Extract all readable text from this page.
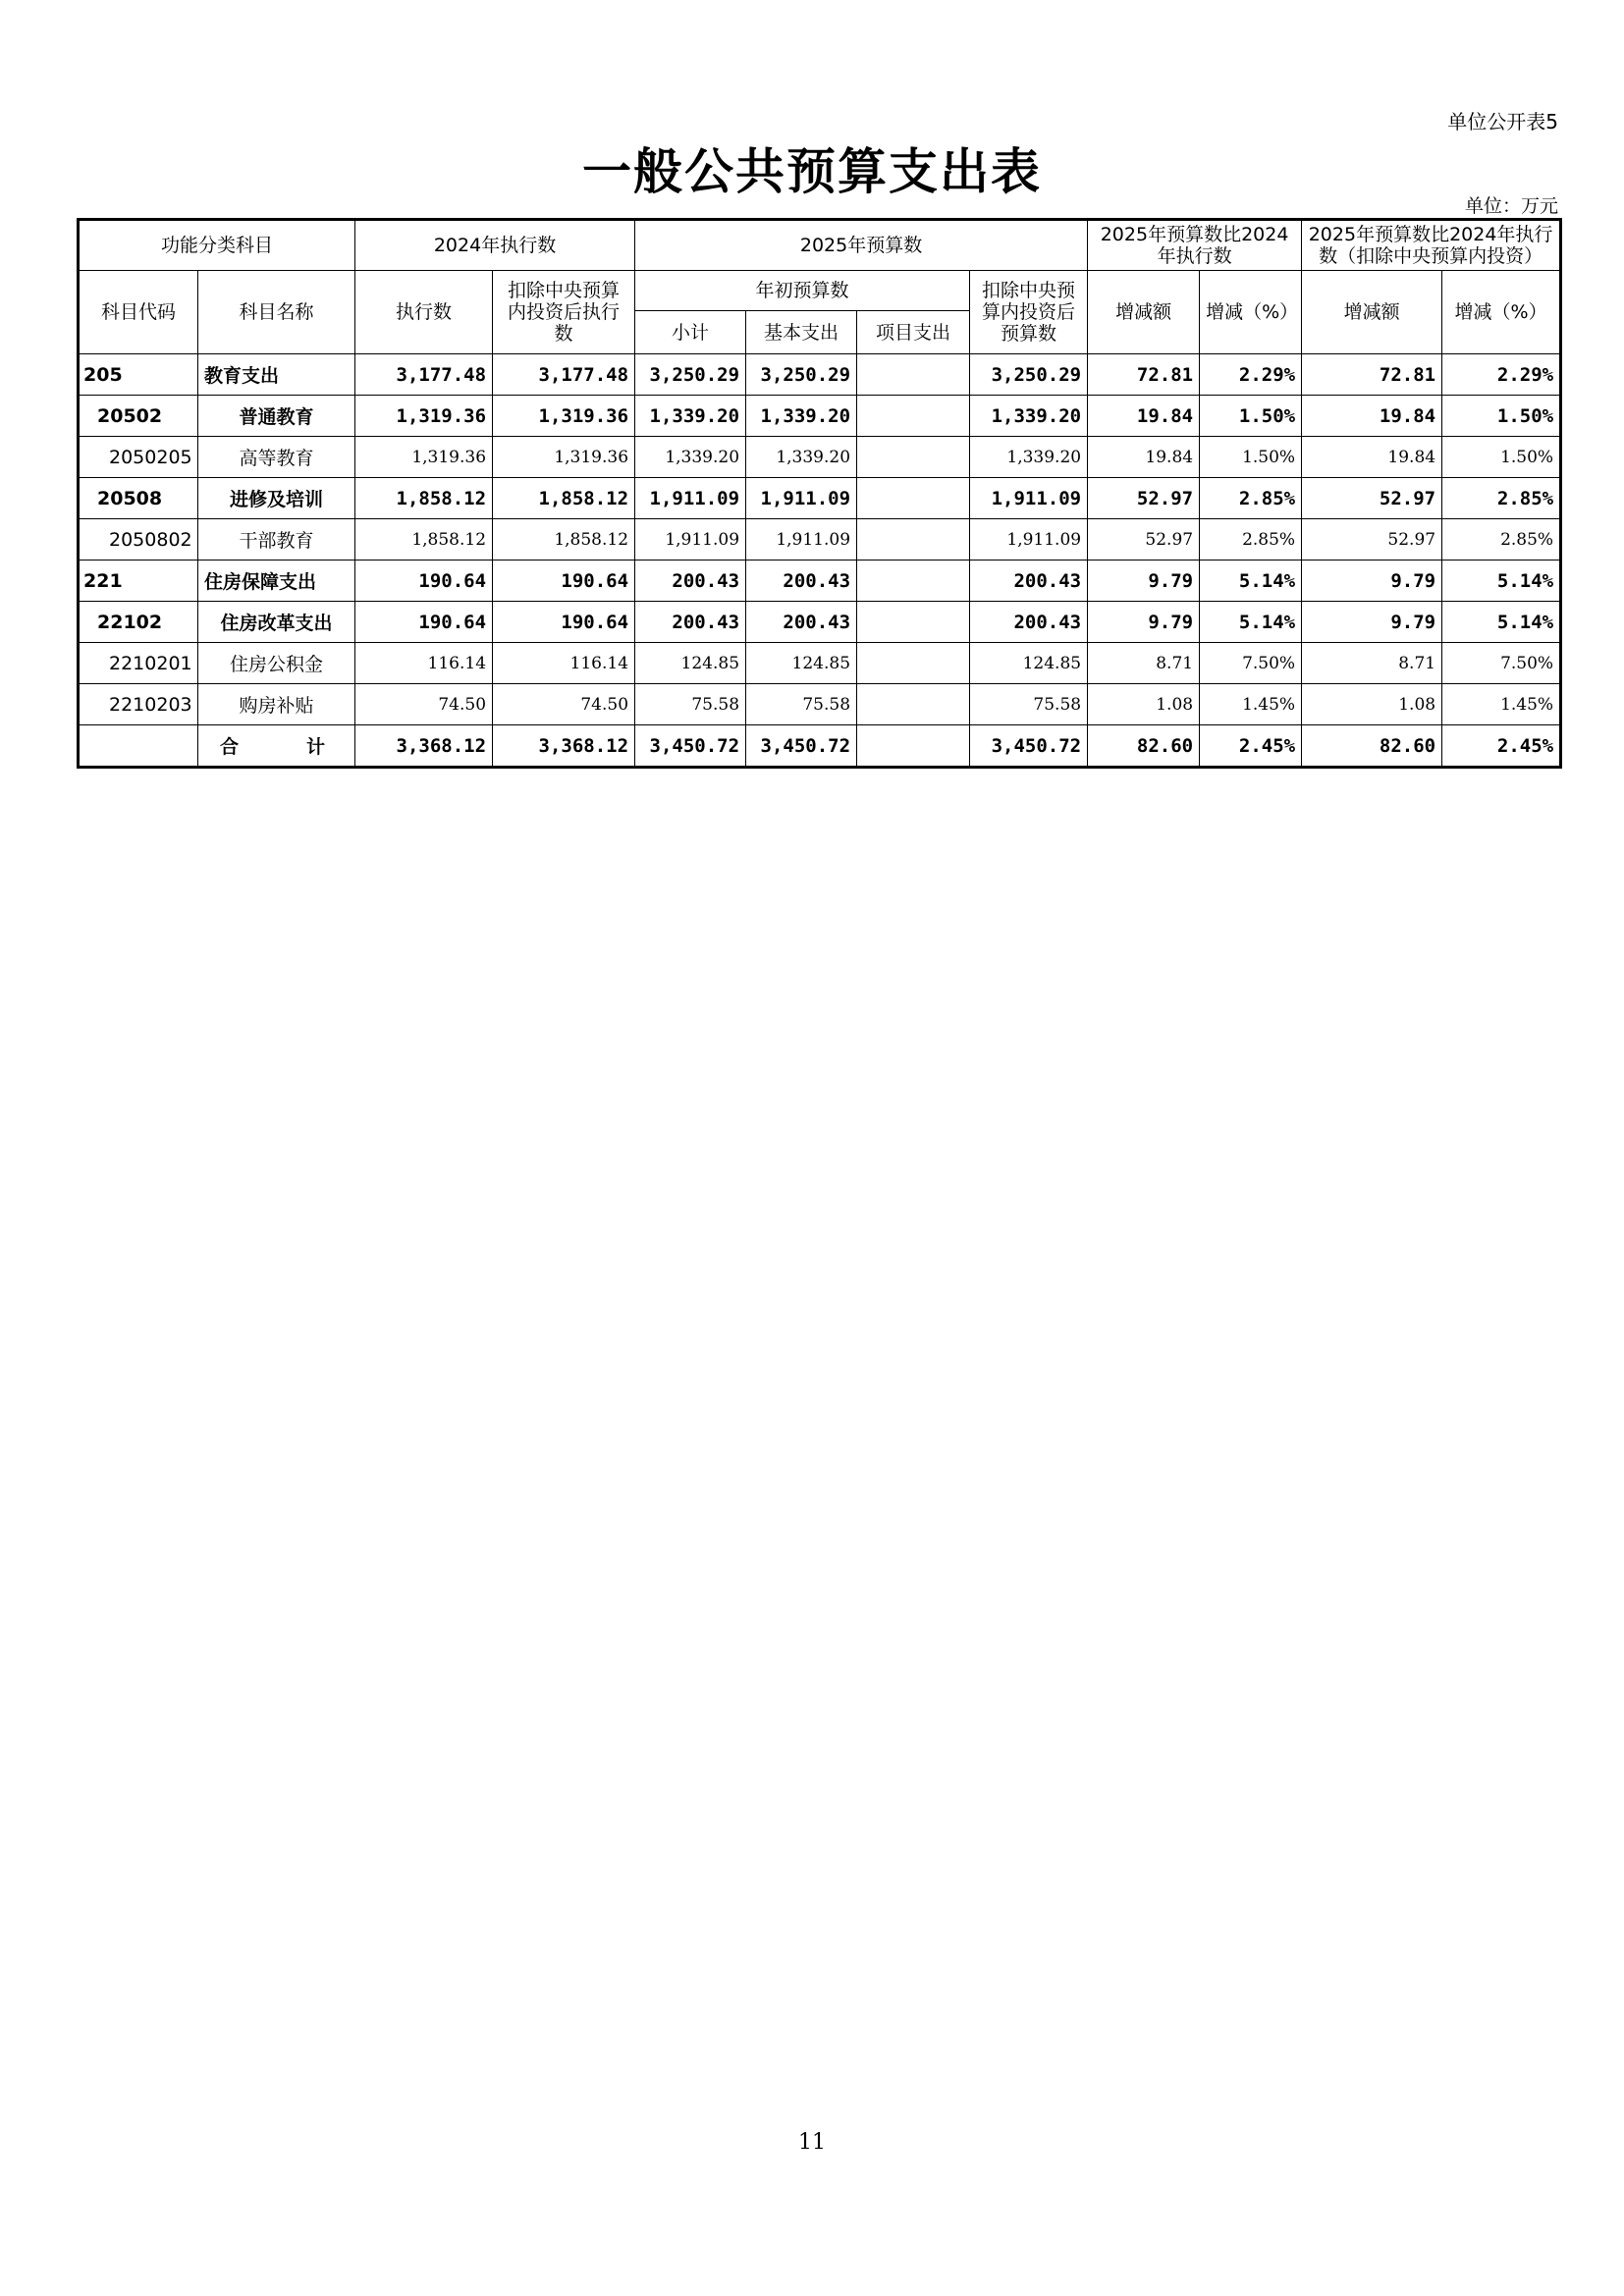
单位公开表5
一般公共预算支出表
单位：万元
功能分类科目		2024年执行数		2025年预算数				2025年预算数比2024年执行数		2025年预算数比2024年执行数（扣除中央预算内投资）	
科目代码	科目名称	执行数	扣除中央预算内投资后执行数	年初预算数			扣除中央预算内投资后预算数	增减额	增减（%）	增减额	增减（%）
				小计	基本支出	项目支出					
205	教育支出	3,177.48	3,177.48	3,250.29	3,250.29		3,250.29	72.81	2.29%	72.81	2.29%
20502	普通教育	1,319.36	1,319.36	1,339.20	1,339.20		1,339.20	19.84	1.50%	19.84	1.50%
2050205	高等教育	1,319.36	1,319.36	1,339.20	1,339.20		1,339.20	19.84	1.50%	19.84	1.50%
20508	进修及培训	1,858.12	1,858.12	1,911.09	1,911.09		1,911.09	52.97	2.85%	52.97	2.85%
2050802	干部教育	1,858.12	1,858.12	1,911.09	1,911.09		1,911.09	52.97	2.85%	52.97	2.85%
221	住房保障支出	190.64	190.64	200.43	200.43		200.43	9.79	5.14%	9.79	5.14%
22102	住房改革支出	190.64	190.64	200.43	200.43		200.43	9.79	5.14%	9.79	5.14%
2210201	住房公积金	116.14	116.14	124.85	124.85		124.85	8.71	7.50%	8.71	7.50%
2210203	购房补贴	74.50	74.50	75.58	75.58		75.58	1.08	1.45%	1.08	1.45%
	合计	3,368.12	3,368.12	3,450.72	3,450.72		3,450.72	82.60	2.45%	82.60	2.45%
11
